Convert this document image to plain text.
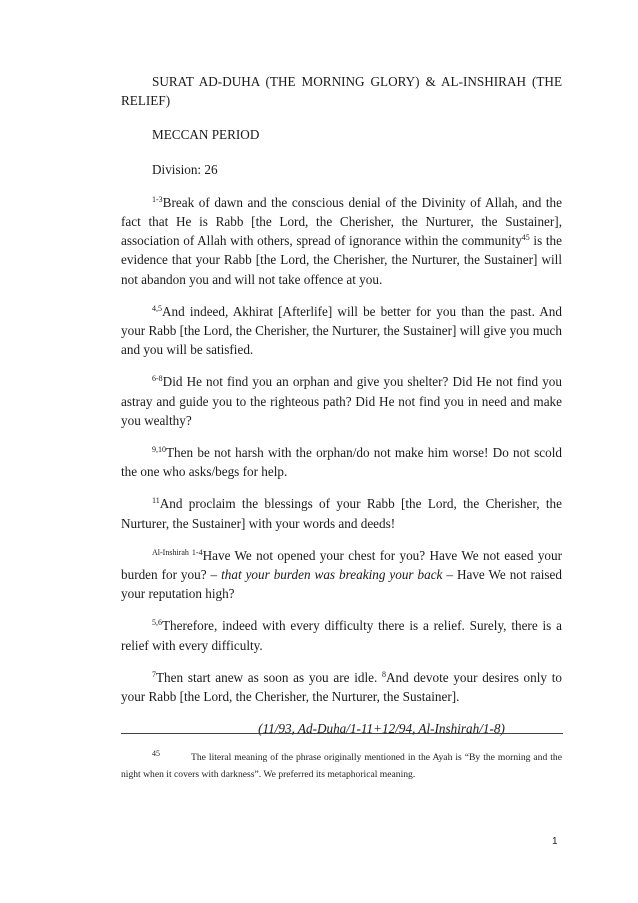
SURAT AD-DUHA (THE MORNING GLORY) & AL-INSHIRAH (THE RELIEF)

MECCAN PERIOD

Division: 26

$^{1-3}$Break of dawn and the conscious denial of the Divinity of Allah, and the fact that He is Rabb [the Lord, the Cherisher, the Nurturer, the Sustainer], association of Allah with others, spread of ignorance within the community$^{45}$ is the evidence that your Rabb [the Lord, the Cherisher, the Nurturer, the Sustainer] will not abandon you and will not take offence at you.

$^{4,5}$And indeed, Akhirat [Afterlife] will be better for you than the past. And your Rabb [the Lord, the Cherisher, the Nurturer, the Sustainer] will give you much and you will be satisfied.

$^{6-8}$Did He not find you an orphan and give you shelter? Did He not find you astray and guide you to the righteous path? Did He not find you in need and make you wealthy?

$^{9,10}$Then be not harsh with the orphan/do not make him worse! Do not scold the one who asks/begs for help.

$^{11}$And proclaim the blessings of your Rabb [the Lord, the Cherisher, the Nurturer, the Sustainer] with your words and deeds!

$^{Al-Inshirah 1-4}$Have We not opened your chest for you? Have We not eased your burden for you? – that your burden was breaking your back – Have We not raised your reputation high?

$^{5,6}$Therefore, indeed with every difficulty there is a relief. Surely, there is a relief with every difficulty.

$^7$Then start anew as soon as you are idle. $^8$And devote your desires only to your Rabb [the Lord, the Cherisher, the Nurturer, the Sustainer].

(11/93, Ad-Duha/1-11+12/94, Al-Inshirah/1-8)

45	The literal meaning of the phrase originally mentioned in the Ayah is “By the morning and the night when it covers with darkness”. We preferred its metaphorical meaning.
1
